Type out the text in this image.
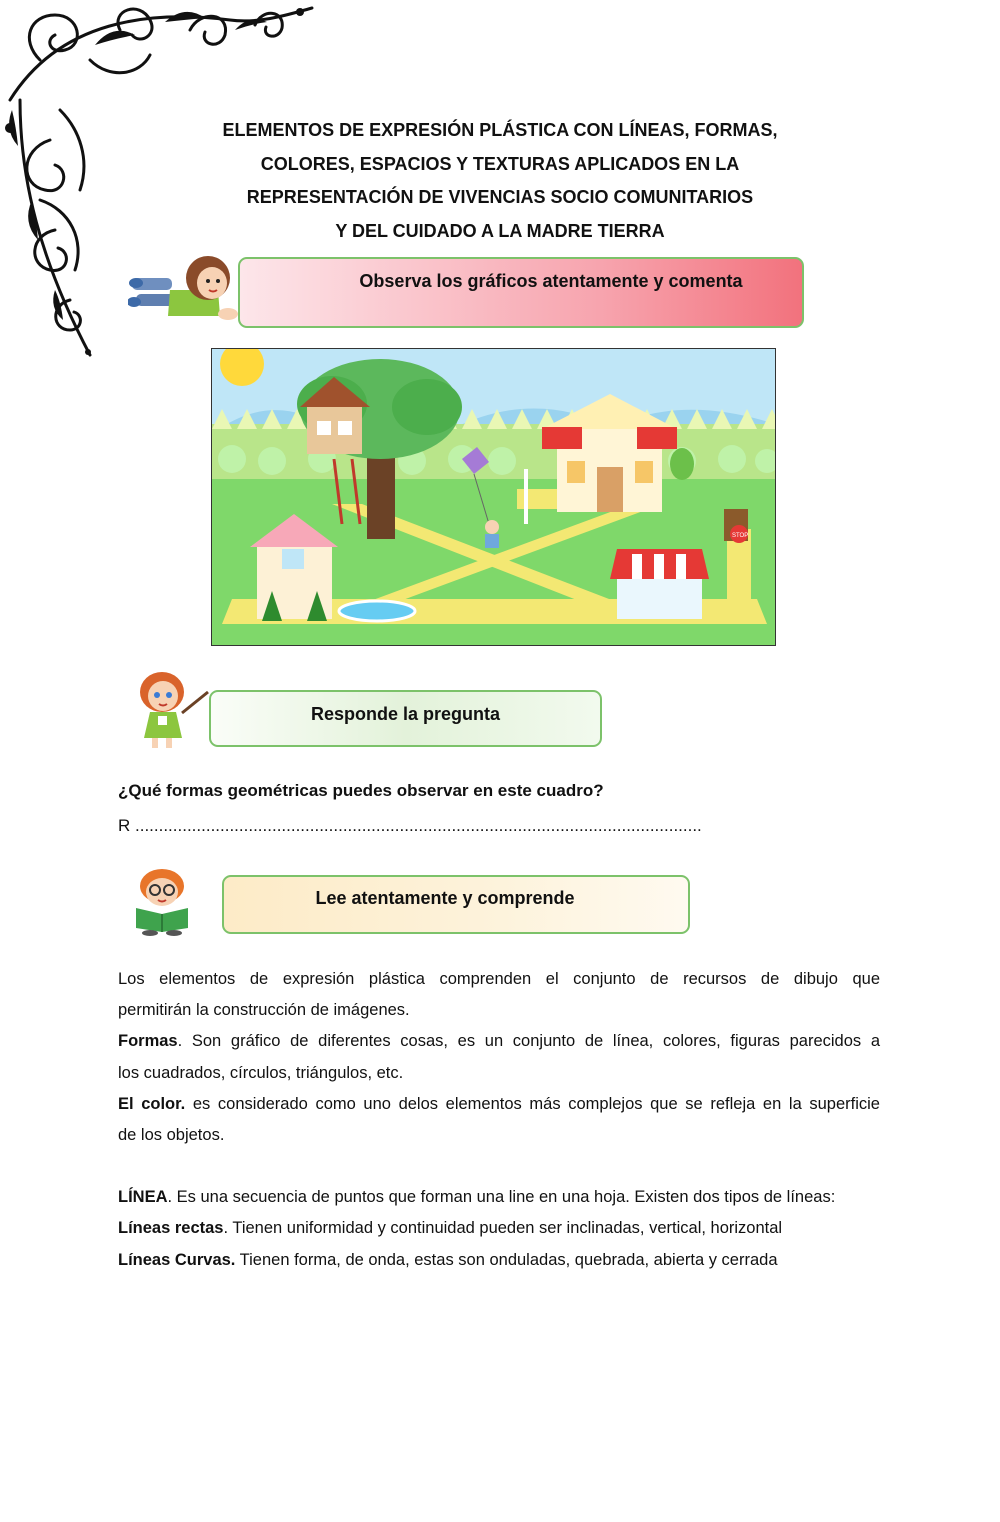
ELEMENTOS DE EXPRESIÓN PLÁSTICA CON LÍNEAS, FORMAS,
COLORES, ESPACIOS Y TEXTURAS APLICADOS EN LA
REPRESENTACIÓN DE VIVENCIAS SOCIO COMUNITARIOS
Y DEL CUIDADO A LA MADRE TIERRA
Observa los gráficos atentamente y comenta
STOP
Responde la pregunta
¿Qué formas geométricas puedes observar en este cuadro?
R ........................................................................................................................
Lee atentamente y comprende

Los elementos de expresión plástica comprenden el conjunto de recursos de dibujo que

permitirán la construcción de imágenes.

Formas. Son gráfico de diferentes cosas, es un conjunto de línea, colores, figuras parecidos a

los cuadrados, círculos, triángulos, etc.

El color. es considerado como uno delos elementos más complejos que se refleja en la superficie

de los objetos.

LÍNEA. Es una secuencia de puntos que forman una line en una hoja. Existen dos tipos de líneas:

Líneas rectas. Tienen uniformidad y continuidad pueden ser inclinadas, vertical, horizontal

Líneas Curvas. Tienen forma, de onda, estas son onduladas, quebrada, abierta y cerrada
